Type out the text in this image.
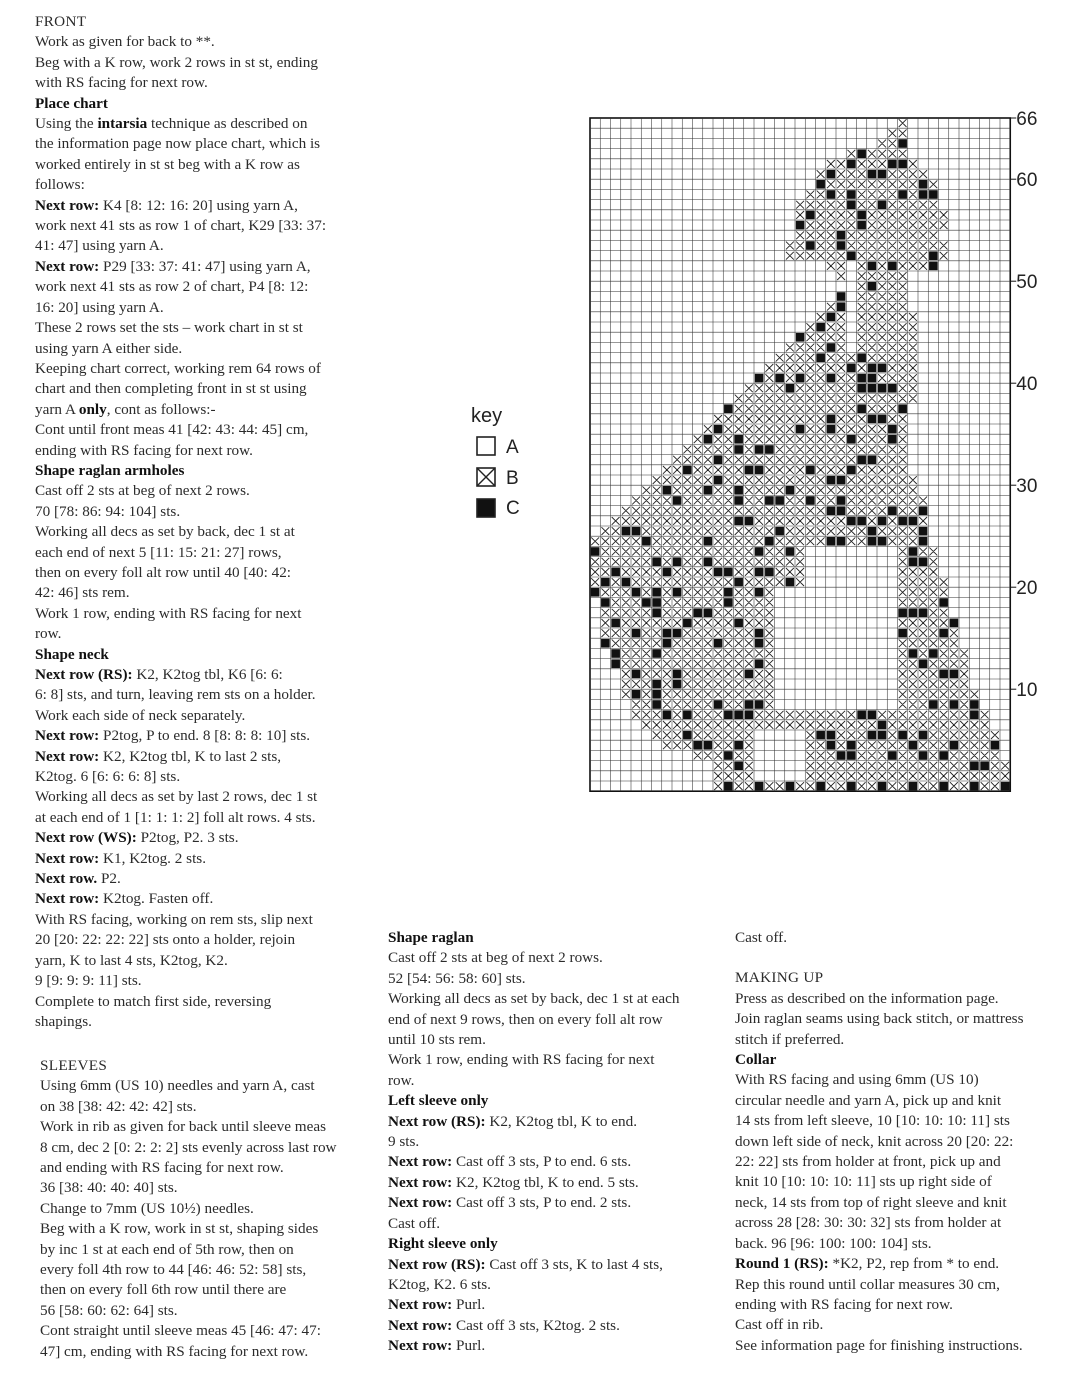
FRONT

Work as given for back to **.

Beg with a K row, work 2 rows in st st, ending

with RS facing for next row.

Place chart

Using the intarsia technique as described on

the information page now place chart, which is

worked entirely in st st beg with a K row as

follows:

Next row: K4 [8: 12: 16: 20] using yarn A,

work next 41 sts as row 1 of chart, K29 [33: 37:

41: 47] using yarn A.

Next row: P29 [33: 37: 41: 47] using yarn A,

work next 41 sts as row 2 of chart, P4 [8: 12:

16: 20] using yarn A.

These 2 rows set the sts – work chart in st st

using yarn A either side.

Keeping chart correct, working rem 64 rows of

chart and then completing front in st st using

yarn A only, cont as follows:-

Cont until front meas 41 [42: 43: 44: 45] cm,

ending with RS facing for next row.

Shape raglan armholes

Cast off 2 sts at beg of next 2 rows.

70 [78: 86: 94: 104] sts.

Working all decs as set by back, dec 1 st at

each end of next 5 [11: 15: 21: 27] rows,

then on every foll alt row until 40 [40: 42:

42: 46] sts rem.

Work 1 row, ending with RS facing for next

row.

Shape neck

Next row (RS): K2, K2tog tbl, K6 [6: 6:

6: 8] sts, and turn, leaving rem sts on a holder.

Work each side of neck separately.

Next row: P2tog, P to end. 8 [8: 8: 8: 10] sts.

Next row: K2, K2tog tbl, K to last 2 sts,

K2tog. 6 [6: 6: 6: 8] sts.

Working all decs as set by last 2 rows, dec 1 st

at each end of 1 [1: 1: 1: 2] foll alt rows. 4 sts.

Next row (WS): P2tog, P2. 3 sts.

Next row: K1, K2tog. 2 sts.

Next row. P2.

Next row: K2tog. Fasten off.

With RS facing, working on rem sts, slip next

20 [20: 22: 22: 22] sts onto a holder, rejoin

yarn, K to last 4 sts, K2tog, K2.

9 [9: 9: 9: 11] sts.

Complete to match first side, reversing

shapings.

SLEEVES

Using 6mm (US 10) needles and yarn A, cast

on 38 [38: 42: 42: 42] sts.

Work in rib as given for back until sleeve meas

8 cm, dec 2 [0: 2: 2: 2] sts evenly across last row

and ending with RS facing for next row.

36 [38: 40: 40: 40] sts.

Change to 7mm (US 10½) needles.

Beg with a K row, work in st st, shaping sides

by inc 1 st at each end of 5th row, then on

every foll 4th row to 44 [46: 46: 52: 58] sts,

then on every foll 6th row until there are

56 [58: 60: 62: 64] sts.

Cont straight until sleeve meas 45 [46: 47: 47:

47] cm, ending with RS facing for next row.

Shape raglan

Cast off 2 sts at beg of next 2 rows.

52 [54: 56: 58: 60] sts.

Working all decs as set by back, dec 1 st at each

end of next 9 rows, then on every foll alt row

until 10 sts rem.

Work 1 row, ending with RS facing for next

row.

Left sleeve only

Next row (RS): K2, K2tog tbl, K to end.

9 sts.

Next row: Cast off 3 sts, P to end. 6 sts.

Next row: K2, K2tog tbl, K to end. 5 sts.

Next row: Cast off 3 sts, P to end. 2 sts.

Cast off.

Right sleeve only

Next row (RS): Cast off 3 sts, K to last 4 sts,

K2tog, K2. 6 sts.

Next row: Purl.

Next row: Cast off 3 sts, K2tog. 2 sts.

Next row: Purl.

Cast off.

MAKING UP

Press as described on the information page.

Join raglan seams using back stitch, or mattress

stitch if preferred.

Collar

With RS facing and using 6mm (US 10)

circular needle and yarn A, pick up and knit

14 sts from left sleeve, 10 [10: 10: 10: 11] sts

down left side of neck, knit across 20 [20: 22:

22: 22] sts from holder at front, pick up and

knit 10 [10: 10: 10: 11] sts up right side of

neck, 14 sts from top of right sleeve and knit

across 28 [28: 30: 30: 32] sts from holder at

back. 96 [96: 100: 100: 104] sts.

Round 1 (RS): *K2, P2, rep from * to end.

Rep this round until collar measures 30 cm,

ending with RS facing for next row.

Cast off in rib.

See information page for finishing instructions.

66
60
50
40
30
20
10
key
A
B
C
